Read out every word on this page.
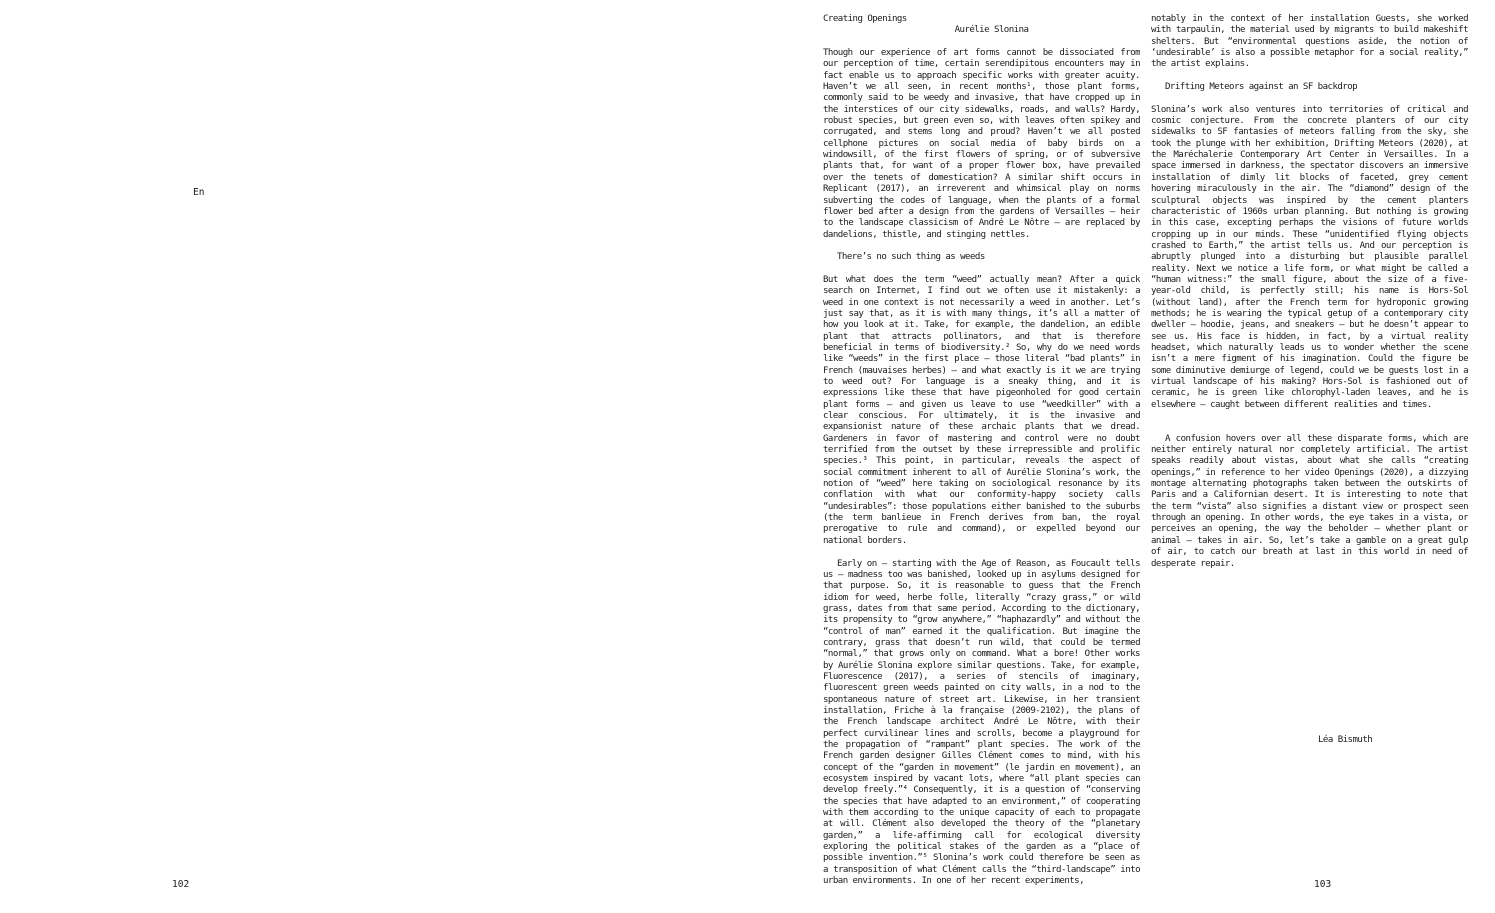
En
102

Creating Openings

Aurélie Slonina

Though our experience of art forms cannot be dissociated from our perception of time, certain serendipitous encounters may in fact enable us to approach specific works with greater acuity. Haven’t we all seen, in recent months¹, those plant forms, commonly said to be weedy and invasive, that have cropped up in the interstices of our city sidewalks, roads, and walls? Hardy, robust species, but green even so, with leaves often spikey and corrugated, and stems long and proud? Haven’t we all posted cellphone pictures on social media of baby birds on a windowsill, of the first flowers of spring, or of subversive plants that, for want of a proper flower box, have prevailed over the tenets of domestication? A similar shift occurs in Replicant (2017), an irreverent and whimsical play on norms subverting the codes of language, when the plants of a formal flower bed after a design from the gardens of Versailles – heir to the landscape classicism of André Le Nôtre – are replaced by dandelions, thistle, and stinging nettles.

There’s no such thing as weeds

But what does the term “weed” actually mean? After a quick search on Internet, I find out we often use it mistakenly: a weed in one context is not necessarily a weed in another. Let’s just say that, as it is with many things, it’s all a matter of how you look at it. Take, for example, the dandelion, an edible plant that attracts pollinators, and that is therefore beneficial in terms of biodiversity.² So, why do we need words like “weeds” in the first place – those literal “bad plants” in French (mauvaises herbes) – and what exactly is it we are trying to weed out? For language is a sneaky thing, and it is expressions like these that have pigeonholed for good certain plant forms – and given us leave to use “weedkiller” with a clear conscious. For ultimately, it is the invasive and expansionist nature of these archaic plants that we dread. Gardeners in favor of mastering and control were no doubt terrified from the outset by these irrepressible and prolific species.³ This point, in particular, reveals the aspect of social commitment inherent to all of Aurélie Slonina’s work, the notion of “weed” here taking on sociological resonance by its conflation with what our conformity-happy society calls “undesirables”: those populations either banished to the suburbs (the term banlieue in French derives from ban, the royal prerogative to rule and command), or expelled beyond our national borders.

Early on – starting with the Age of Reason, as Foucault tells us – madness too was banished, looked up in asylums designed for that purpose. So, it is reasonable to guess that the French idiom for weed, herbe folle, literally “crazy grass,” or wild grass, dates from that same period. According to the dictionary, its propensity to “grow anywhere,” “haphazardly” and without the “control of man” earned it the qualification. But imagine the contrary, grass that doesn’t run wild, that could be termed “normal,” that grows only on command. What a bore! Other works by Aurélie Slonina explore similar questions. Take, for example, Fluorescence (2017), a series of stencils of imaginary, fluorescent green weeds painted on city walls, in a nod to the spontaneous nature of street art. Likewise, in her transient installation, Friche à la française (2009-2102), the plans of the French landscape architect André Le Nôtre, with their perfect curvilinear lines and scrolls, become a playground for the propagation of “rampant” plant species. The work of the French garden designer Gilles Clément comes to mind, with his concept of the “garden in movement” (le jardin en movement), an ecosystem inspired by vacant lots, where “all plant species can develop freely.”⁴ Consequently, it is a question of “conserving the species that have adapted to an environment,” of cooperating with them according to the unique capacity of each to propagate at will. Clément also developed the theory of the “planetary garden,” a life-affirming call for ecological diversity exploring the political stakes of the garden as a “place of possible invention.”⁵ Slonina’s work could therefore be seen as a transposition of what Clément calls the “third-landscape” into urban environments. In one of her recent experiments,

notably in the context of her installation Guests, she worked with tarpaulin, the material used by migrants to build makeshift shelters. But “environmental questions aside, the notion of ‘undesirable’ is also a possible metaphor for a social reality,” the artist explains.

Drifting Meteors against an SF backdrop

Slonina’s work also ventures into territories of critical and cosmic conjecture. From the concrete planters of our city sidewalks to SF fantasies of meteors falling from the sky, she took the plunge with her exhibition, Drifting Meteors (2020), at the Maréchalerie Contemporary Art Center in Versailles. In a space immersed in darkness, the spectator discovers an immersive installation of dimly lit blocks of faceted, grey cement hovering miraculously in the air. The “diamond” design of the sculptural objects was inspired by the cement planters characteristic of 1960s urban planning. But nothing is growing in this case, excepting perhaps the visions of future worlds cropping up in our minds. These “unidentified flying objects crashed to Earth,” the artist tells us. And our perception is abruptly plunged into a disturbing but plausible parallel reality. Next we notice a life form, or what might be called a “human witness:” the small figure, about the size of a five-year-old child, is perfectly still; his name is Hors-Sol (without land), after the French term for hydroponic growing methods; he is wearing the typical getup of a contemporary city dweller – hoodie, jeans, and sneakers – but he doesn’t appear to see us. His face is hidden, in fact, by a virtual reality headset, which naturally leads us to wonder whether the scene isn’t a mere figment of his imagination. Could the figure be some diminutive demiurge of legend, could we be guests lost in a virtual landscape of his making? Hors-Sol is fashioned out of ceramic, he is green like chlorophyl-laden leaves, and he is elsewhere – caught between different realities and times.

A confusion hovers over all these disparate forms, which are neither entirely natural nor completely artificial. The artist speaks readily about vistas, about what she calls “creating openings,” in reference to her video Openings (2020), a dizzying montage alternating photographs taken between the outskirts of Paris and a Californian desert. It is interesting to note that the term “vista” also signifies a distant view or prospect seen through an opening. In other words, the eye takes in a vista, or perceives an opening, the way the beholder – whether plant or animal – takes in air. So, let’s take a gamble on a great gulp of air, to catch our breath at last in this world in need of desperate repair.

Léa Bismuth
103
